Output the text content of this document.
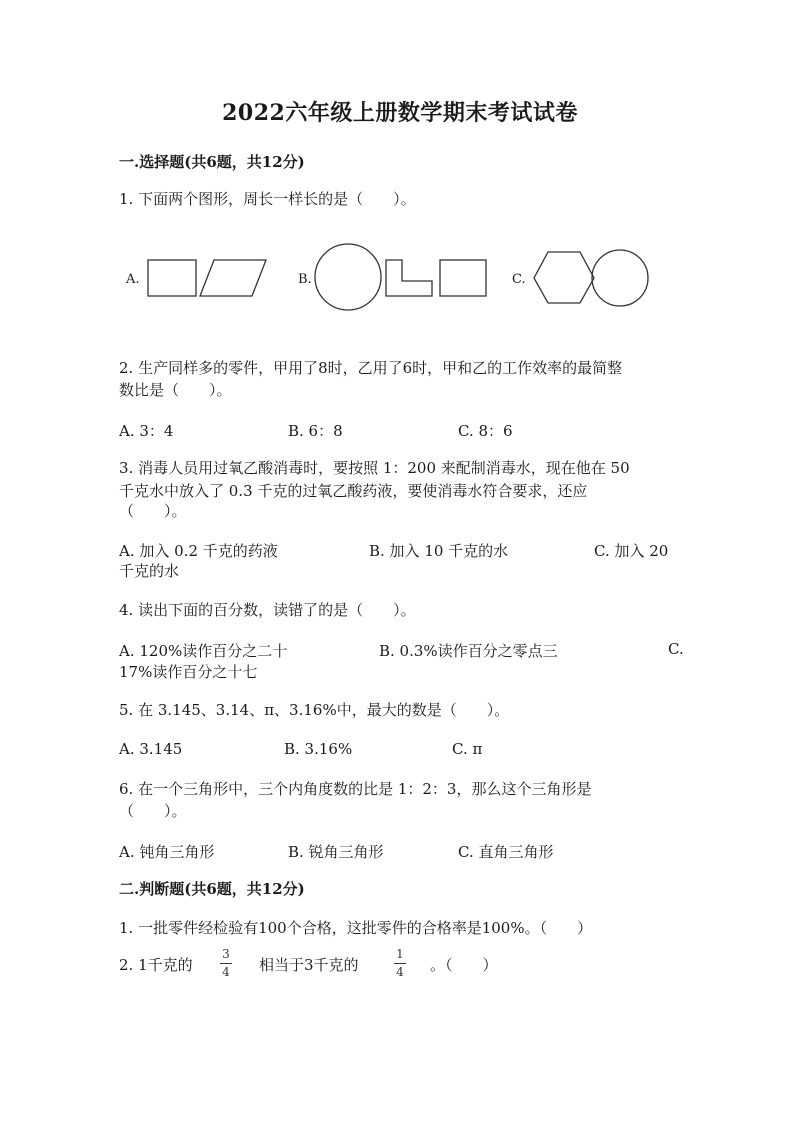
2022六年级上册数学期末考试试卷
一.选择题(共6题，共12分)
1. 下面两个图形，周长一样长的是（　　）。
A.	B.	C.
2. 生产同样多的零件，甲用了8时，乙用了6时，甲和乙的工作效率的最简整
数比是（　　）。
A. 3：4	B. 6：8	C. 8：6
3. 消毒人员用过氧乙酸消毒时，要按照 1：200 来配制消毒水，现在他在 50
千克水中放入了 0.3 千克的过氧乙酸药液，要使消毒水符合要求，还应
（　　）。
A. 加入 0.2 千克的药液	B. 加入 10 千克的水	C. 加入 20
千克的水
4. 读出下面的百分数，读错了的是（　　）。
A. 120%读作百分之二十	B. 0.3%读作百分之零点三	C.
17%读作百分之十七
5. 在 3.145、3.14、π、3.16%中，最大的数是（　　）。
A. 3.145	B. 3.16%	C. π
6. 在一个三角形中，三个内角度数的比是 1：2：3，那么这个三角形是
（　　）。
A. 钝角三角形	B. 锐角三角形	C. 直角三角形
二.判断题(共6题，共12分)
1. 一批零件经检验有100个合格，这批零件的合格率是100%。（　　）
2. 1千克的
3
4 相当于3千克的
1
4 。（　　）
